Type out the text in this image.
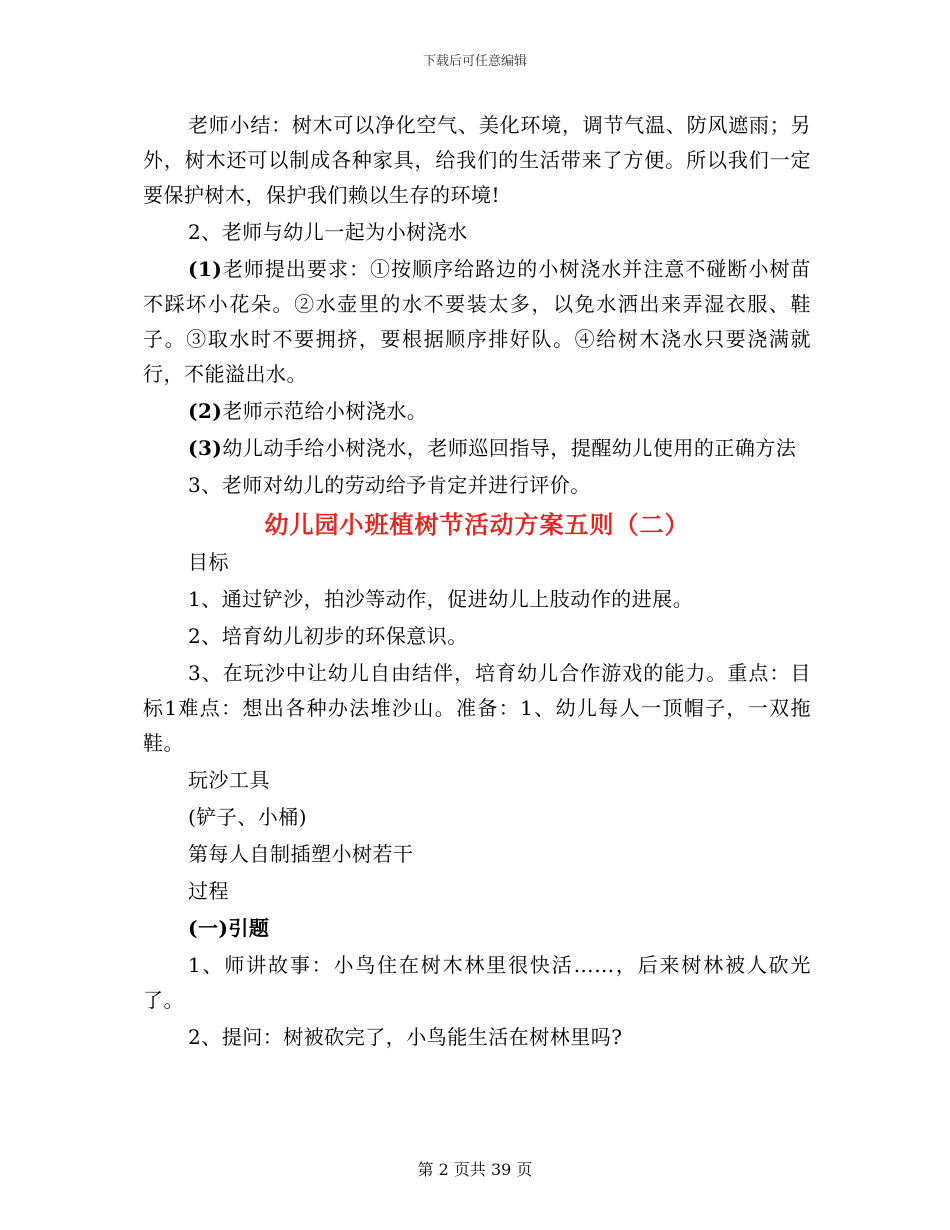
下载后可任意编辑

老师小结：树木可以净化空气、美化环境，调节气温、防风遮雨；另外，树木还可以制成各种家具，给我们的生活带来了方便。所以我们一定要保护树木，保护我们赖以生存的环境!

2、老师与幼儿一起为小树浇水

(1)老师提出要求：①按顺序给路边的小树浇水并注意不碰断小树苗不踩坏小花朵。②水壶里的水不要装太多，以免水洒出来弄湿衣服、鞋子。③取水时不要拥挤，要根据顺序排好队。④给树木浇水只要浇满就行，不能溢出水。

(2)老师示范给小树浇水。

(3)幼儿动手给小树浇水，老师巡回指导，提醒幼儿使用的正确方法

3、老师对幼儿的劳动给予肯定并进行评价。

幼儿园小班植树节活动方案五则（二）

目标

1、通过铲沙，拍沙等动作，促进幼儿上肢动作的进展。

2、培育幼儿初步的环保意识。

3、在玩沙中让幼儿自由结伴，培育幼儿合作游戏的能力。重点：目标1难点：想出各种办法堆沙山。准备：1、幼儿每人一顶帽子，一双拖鞋。

玩沙工具

(铲子、小桶)

第每人自制插塑小树若干

过程

(一)引题

1、师讲故事：小鸟住在树木林里很快活……，后来树林被人砍光了。

2、提问：树被砍完了，小鸟能生活在树林里吗?

第 2 页共 39 页
